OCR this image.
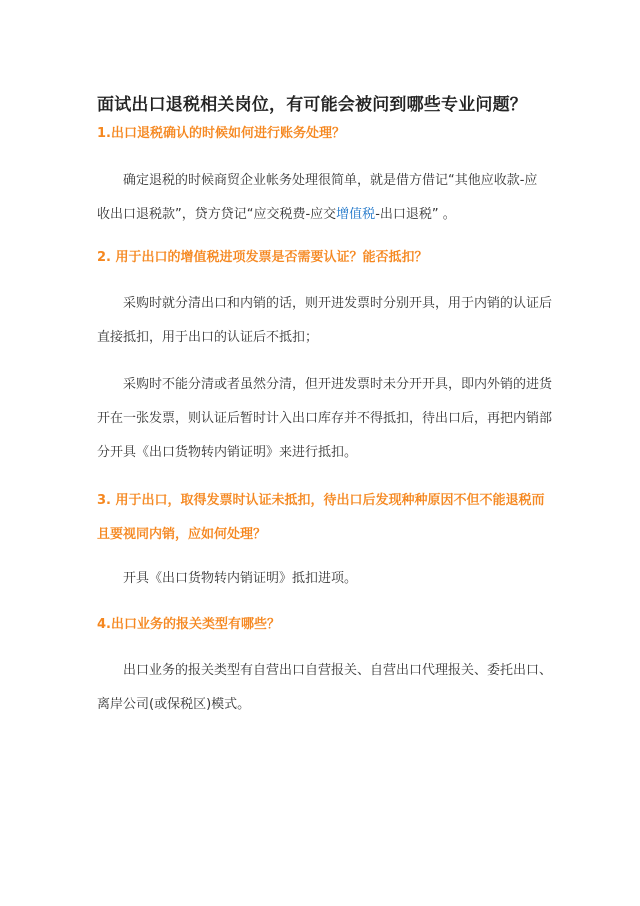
面试出口退税相关岗位，有可能会被问到哪些专业问题？
1.出口退税确认的时候如何进行账务处理？
确定退税的时候商贸企业帐务处理很简单，就是借方借记“其他应收款-应
收出口退税款”，贷方贷记“应交税费-应交增值税-出口退税” 。
2. 用于出口的增值税进项发票是否需要认证？能否抵扣？
采购时就分清出口和内销的话，则开进发票时分别开具，用于内销的认证后
直接抵扣，用于出口的认证后不抵扣；
采购时不能分清或者虽然分清，但开进发票时未分开开具，即内外销的进货
开在一张发票，则认证后暂时计入出口库存并不得抵扣，待出口后，再把内销部
分开具《出口货物转内销证明》来进行抵扣。
3. 用于出口，取得发票时认证未抵扣，待出口后发现种种原因不但不能退税而
且要视同内销，应如何处理？
开具《出口货物转内销证明》抵扣进项。
4.出口业务的报关类型有哪些？
出口业务的报关类型有自营出口自营报关、自营出口代理报关、委托出口、
离岸公司(或保税区)模式。
